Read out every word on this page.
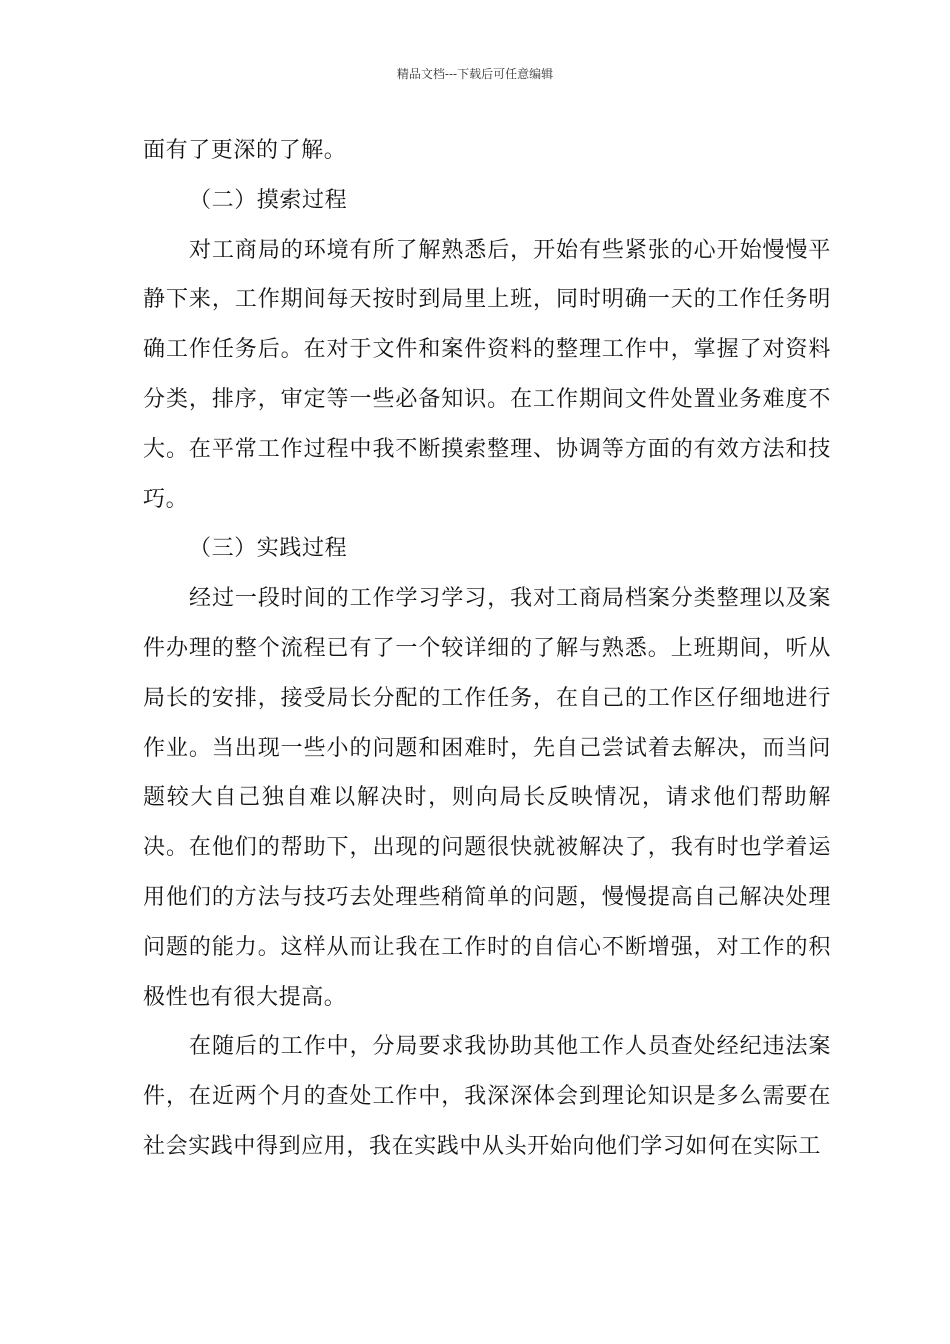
精品文档---下载后可任意编辑

面有了更深的了解。

（二）摸索过程

对工商局的环境有所了解熟悉后，开始有些紧张的心开始慢慢平静下来，工作期间每天按时到局里上班，同时明确一天的工作任务明确工作任务后。在对于文件和案件资料的整理工作中，掌握了对资料分类，排序，审定等一些必备知识。在工作期间文件处置业务难度不大。在平常工作过程中我不断摸索整理、协调等方面的有效方法和技巧。

（三）实践过程

经过一段时间的工作学习学习，我对工商局档案分类整理以及案件办理的整个流程已有了一个较详细的了解与熟悉。上班期间，听从局长的安排，接受局长分配的工作任务，在自己的工作区仔细地进行作业。当出现一些小的问题和困难时，先自己尝试着去解决，而当问题较大自己独自难以解决时，则向局长反映情况，请求他们帮助解决。在他们的帮助下，出现的问题很快就被解决了，我有时也学着运用他们的方法与技巧去处理些稍简单的问题，慢慢提高自己解决处理问题的能力。这样从而让我在工作时的自信心不断增强，对工作的积极性也有很大提高。

在随后的工作中，分局要求我协助其他工作人员查处经纪违法案件，在近两个月的查处工作中，我深深体会到理论知识是多么需要在社会实践中得到应用，我在实践中从头开始向他们学习如何在实际工
